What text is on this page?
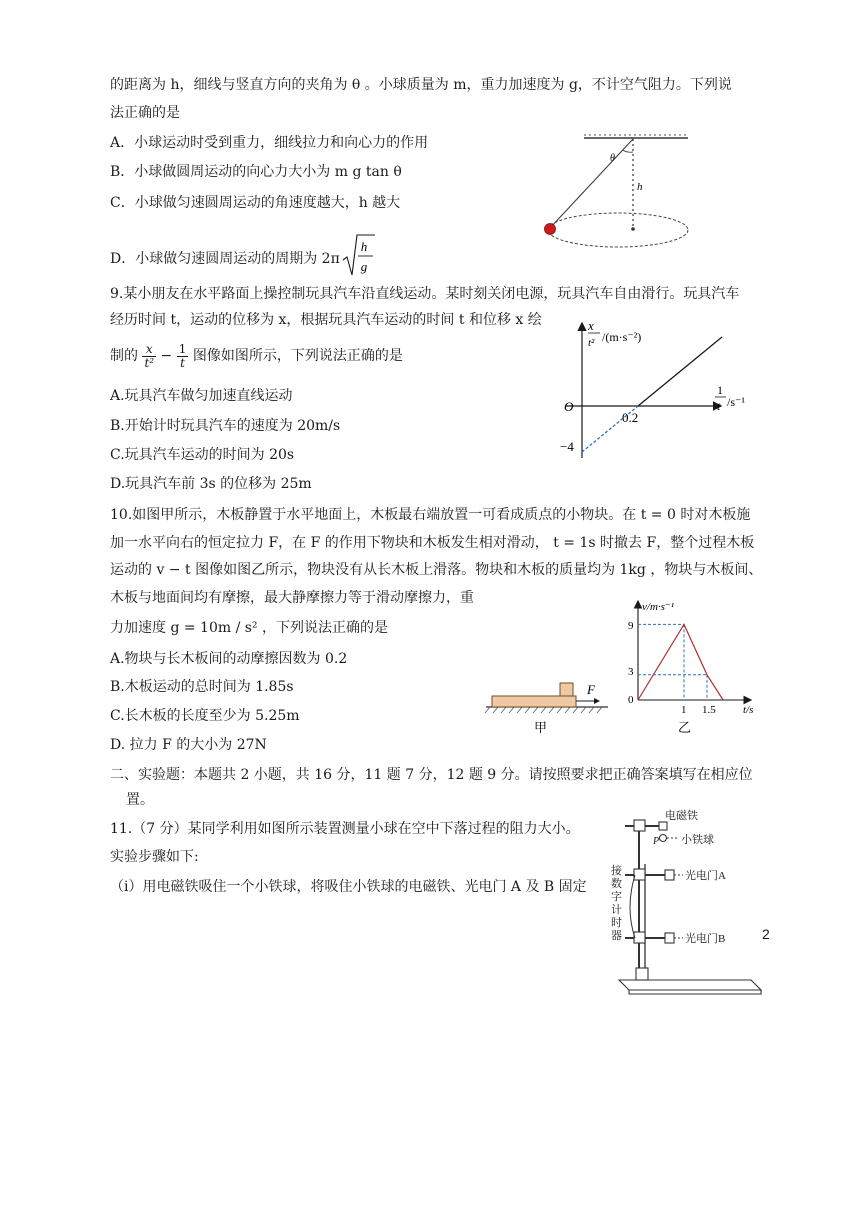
的距离为 h，细线与竖直方向的夹角为 θ 。小球质量为 m，重力加速度为 g，不计空气阻力。下列说
法正确的是
A．小球运动时受到重力，细线拉力和向心力的作用
B．小球做圆周运动的向心力大小为 m g tan θ
C．小球做匀速圆周运动的角速度越大，h 越大
D．小球做匀速圆周运动的周期为 2π
h
g
θ
h
9.某小朋友在水平路面上操控制玩具汽车沿直线运动。某时刻关闭电源，玩具汽车自由滑行。玩具汽车
经历时间 t，运动的位移为 x，根据玩具汽车运动的时间 t 和位移 x 绘
制的 $\frac{x}{\text{t²}} - \frac{1}{t}$ 图像如图所示，下列说法正确的是
A.玩具汽车做匀加速直线运动
B.开始计时玩具汽车的速度为 20m/s
C.玩具汽车运动的时间为 20s
D.玩具汽车前 3s 的位移为 25m
x
t² /(m·s⁻²)
1
t /s⁻¹
O
0.2
−4
10.如图甲所示，木板静置于水平地面上，木板最右端放置一可看成质点的小物块。在 t = 0 时对木板施
加一水平向右的恒定拉力 F，在 F 的作用下物块和木板发生相对滑动， t = 1s 时撤去 F，整个过程木板
运动的 v − t 图像如图乙所示，物块没有从长木板上滑落。物块和木板的质量均为 1kg ，物块与木板间、
木板与地面间均有摩擦，最大静摩擦力等于滑动摩擦力，重
力加速度 g = 10m / s² ，下列说法正确的是
A.物块与长木板间的动摩擦因数为 0.2
B.木板运动的总时间为 1.85s
C.长木板的长度至少为 5.25m
D. 拉力 F 的大小为 27N
F
甲
v/m·s⁻¹
t/s
9
3
0
1 1.5
乙
二、实验题：本题共 2 小题，共 16 分，11 题 7 分，12 题 9 分。请按照要求把正确答案填写在相应位
置。
11.（7 分）某同学利用如图所示装置测量小球在空中下落过程的阻力大小。
实验步骤如下:
（i）用电磁铁吸住一个小铁球，将吸住小铁球的电磁铁、光电门 A 及 B 固定
电磁铁
小铁球
P
光电门A
光电门B
接
数
字
计
时
器	2
